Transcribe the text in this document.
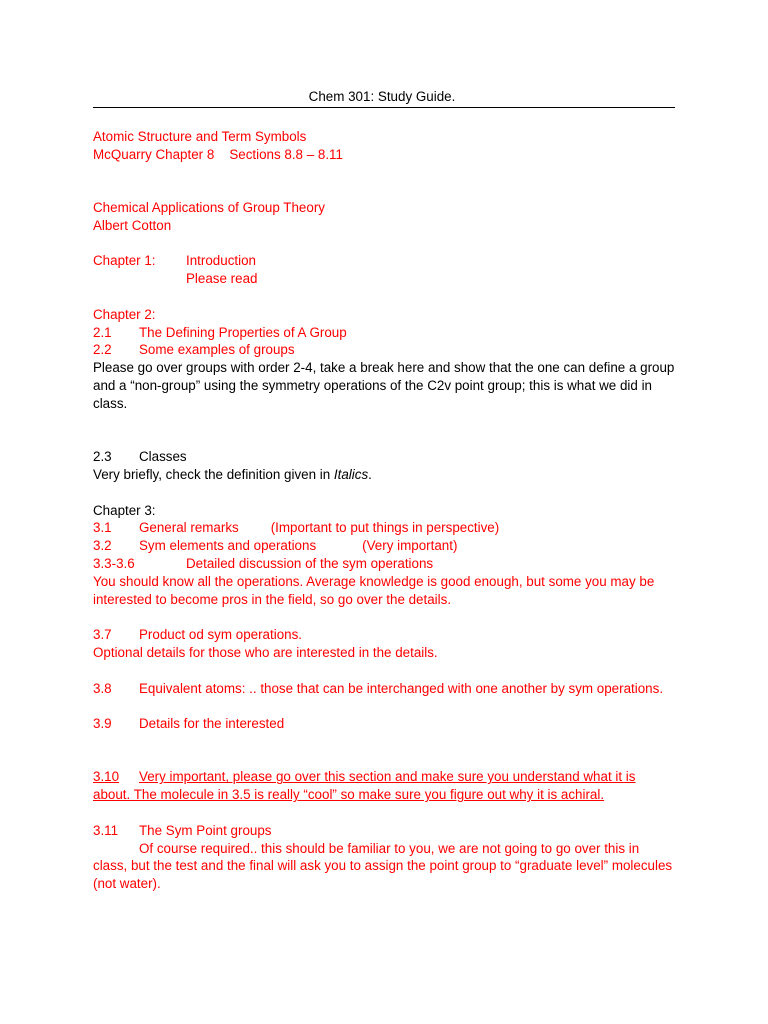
Chem 301: Study Guide.
Atomic Structure and Term Symbols
McQuarry Chapter 8 Sections 8.8 – 8.11
Chemical Applications of Group Theory
Albert Cotton
Chapter 1: Introduction
Please read
Chapter 2:
2.1 The Defining Properties of A Group
2.2 Some examples of groups
Please go over groups with order 2-4, take a break here and show that the one can define a group and a “non-group” using the symmetry operations of the C2v point group; this is what we did in class.
2.3 Classes
Very briefly, check the definition given in Italics.
Chapter 3:
3.1 General remarks (Important to put things in perspective)
3.2 Sym elements and operations	(Very important)
3.3-3.6	Detailed discussion of the sym operations
You should know all the operations. Average knowledge is good enough, but some you may be interested to become pros in the field, so go over the details.
3.7 Product od sym operations.
Optional details for those who are interested in the details.
3.8 Equivalent atoms: .. those that can be interchanged with one another by sym operations.
3.9 Details for the interested
3.10 Very important, please go over this section and make sure you understand what it is about. The molecule in 3.5 is really “cool” so make sure you figure out why it is achiral.
3.11 The Sym Point groups
Of course required.. this should be familiar to you, we are not going to go over this in class, but the test and the final will ask you to assign the point group to “graduate level” molecules (not water).
